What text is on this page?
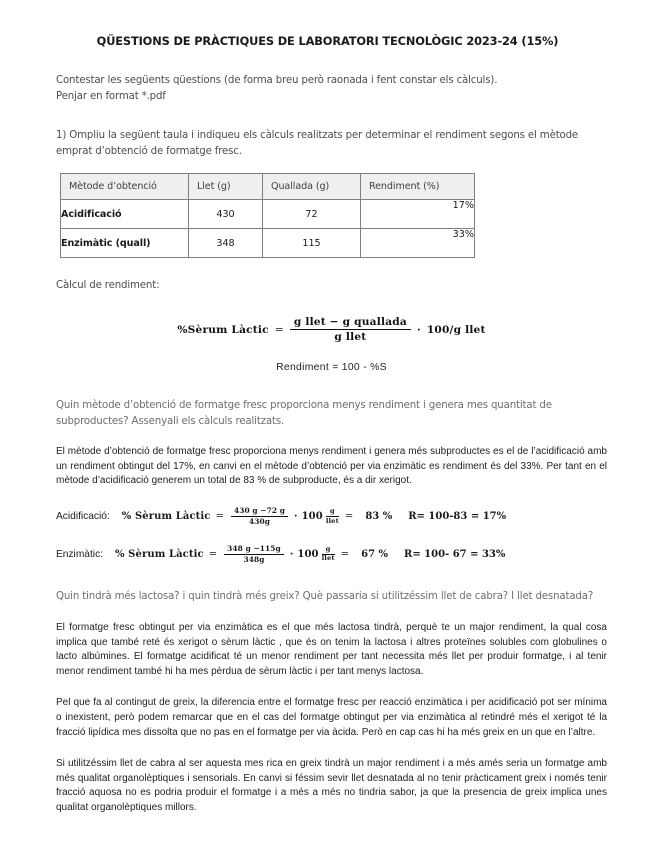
QÜESTIONS DE PRÀCTIQUES DE LABORATORI TECNOLÒGIC 2023-24 (15%)

Contestar les següents qüestions (de forma breu però raonada i fent constar els càlculs).

Penjar en format *.pdf

1) Ompliu la següent taula i indiqueu els càlculs realitzats per determinar el rendiment segons el mètode emprat d’obtenció de formatge fresc.

Mètode d’obtenció	Llet (g)	Quallada (g)	Rendiment (%)
Acidificació	430	72	17%
Enzimàtic (quall)	348	115	33%

Càlcul de rendiment:

%Sèrum Làctic = $\frac{\text{g llet − g quallada}}{\text{g llet}} \cdot 100/g$ llet
Rendiment = 100 - %S

Quin mètode d’obtenció de formatge fresc proporciona menys rendiment i genera mes quantitat de subproductes? Assenyali els càlculs realitzats.

El mètode d’obtenció de formatge fresc proporciona menys rendiment i genera més subproductes es el de l’acidificació amb un rendiment obtingut del 17%, en canvi en el mètode d’obtenció per via enzimàtic es rendiment és del 33%. Per tant en el mètode d’acidificació generem un total de 83 % de subproducte, és a dir xerigot.

Acidificació: % Sèrum Làctic = $\frac{430 g -72 g}{430g} \cdot 100 \frac{g}{\text{llet}} = 83$ % R= 100-83 = 17%
Enzimàtic: % Sèrum Làctic = $\frac{348 g -115g}{348g} \cdot 100 \frac{g}{\text{llet}} = 67$ % R= 100- 67 = 33%

Quin tindrà més lactosa? i quin tindrà més greix? Què passaria si utilitzéssim llet de cabra? I llet desnatada?

El formatge fresc obtingut per via enzimàtica es el que més lactosa tindrà, perquè te un major rendiment, la qual cosa implica que també reté és xerigot o sèrum làctic , que és on tenim la lactosa i altres proteïnes solubles com globulines o lacto albúmines. El formatge acidificat té un menor rendiment per tant necessita més llet per produir formatge, i al tenir menor rendiment també hi ha mes pèrdua de sèrum làctic i per tant menys lactosa.

Pel que fa al contingut de greix, la diferencia entre el formatge fresc per reacció enzimàtica i per acidificació pot ser mínima o inexistent, però podem remarcar que en el cas del formatge obtingut per via enzimàtica al retindré més el xerigot té la fracció lipídica mes dissolta que no pas en el formatge per via àcida. Però en cap cas hi ha més greix en un que en l’altre.

Si utilitzéssim llet de cabra al ser aquesta mes rica en greix tindrà un major rendiment i a més amés seria un formatge amb més qualitat organolèptiques i sensorials. En canvi si féssim sevir llet desnatada al no tenir pràcticament greix i només tenir fracció aquosa no es podria produir el formatge i a més a més no tindria sabor, ja que la presencia de greix implica unes qualitat organolèptiques millors.
